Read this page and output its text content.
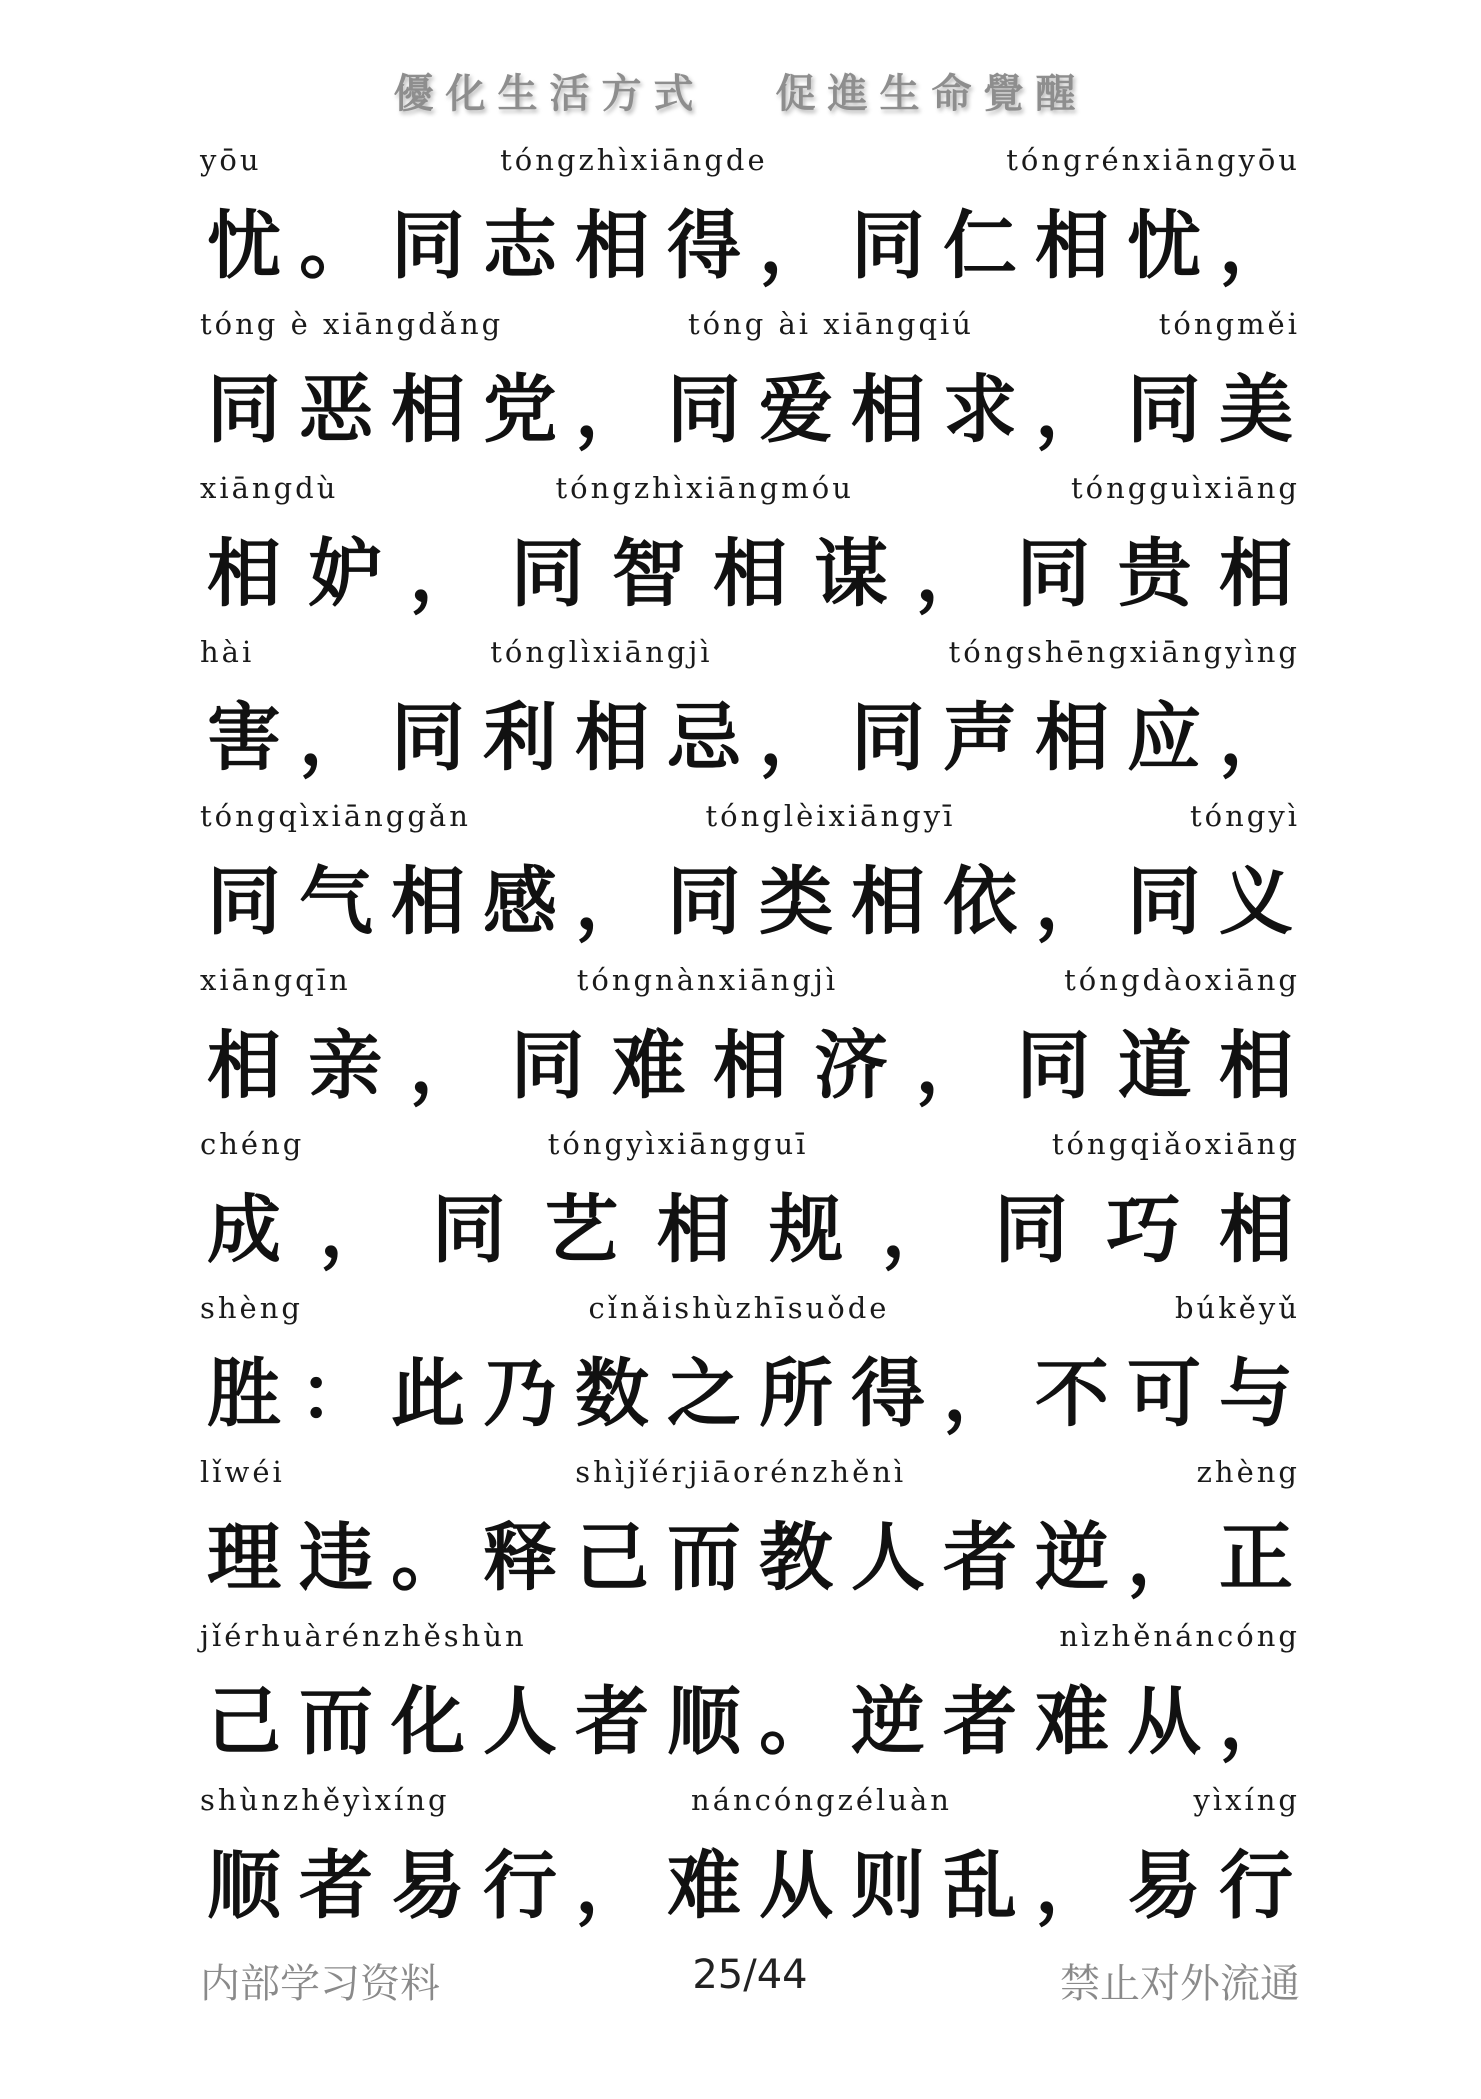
優化生活方式 促進生命覺醒
yōu	tóngzhìxiāngde	tóngrénxiāngyōu
忧 。 同 志 相 得 ， 同 仁 相 忧 ，
tóng è xiāngdǎng	tóng ài xiāngqiú	tóngměi
同 恶 相 党 ， 同 爱 相 求 ， 同 美
xiāngdù	tóngzhìxiāngmóu	tóngguìxiāng
相 妒 ， 同 智 相 谋 ， 同 贵 相
hài	tónglìxiāngjì	tóngshēngxiāngyìng
害 ， 同 利 相 忌 ， 同 声 相 应 ，
tóngqìxiānggǎn	tónglèixiāngyī	tóngyì
同 气 相 感 ， 同 类 相 依 ， 同 义
xiāngqīn	tóngnànxiāngjì	tóngdàoxiāng
相 亲 ， 同 难 相 济 ， 同 道 相
chéng	tóngyìxiāngguī	tóngqiǎoxiāng
成 ， 同 艺 相 规 ， 同 巧 相
shèng	cǐnǎishùzhīsuǒde	búkěyǔ
胜 ： 此 乃 数 之 所 得 ， 不 可 与
lǐwéi	shìjǐérjiāorénzhěnì	zhèng
理 违 。 释 己 而 教 人 者 逆 ， 正
jǐérhuàrénzhěshùn	nìzhěnáncóng
己 而 化 人 者 顺 。 逆 者 难 从 ，
shùnzhěyìxíng	náncóngzéluàn	yìxíng
顺 者 易 行 ， 难 从 则 乱 ， 易 行
内部学习资料	25/44	禁止对外流通
